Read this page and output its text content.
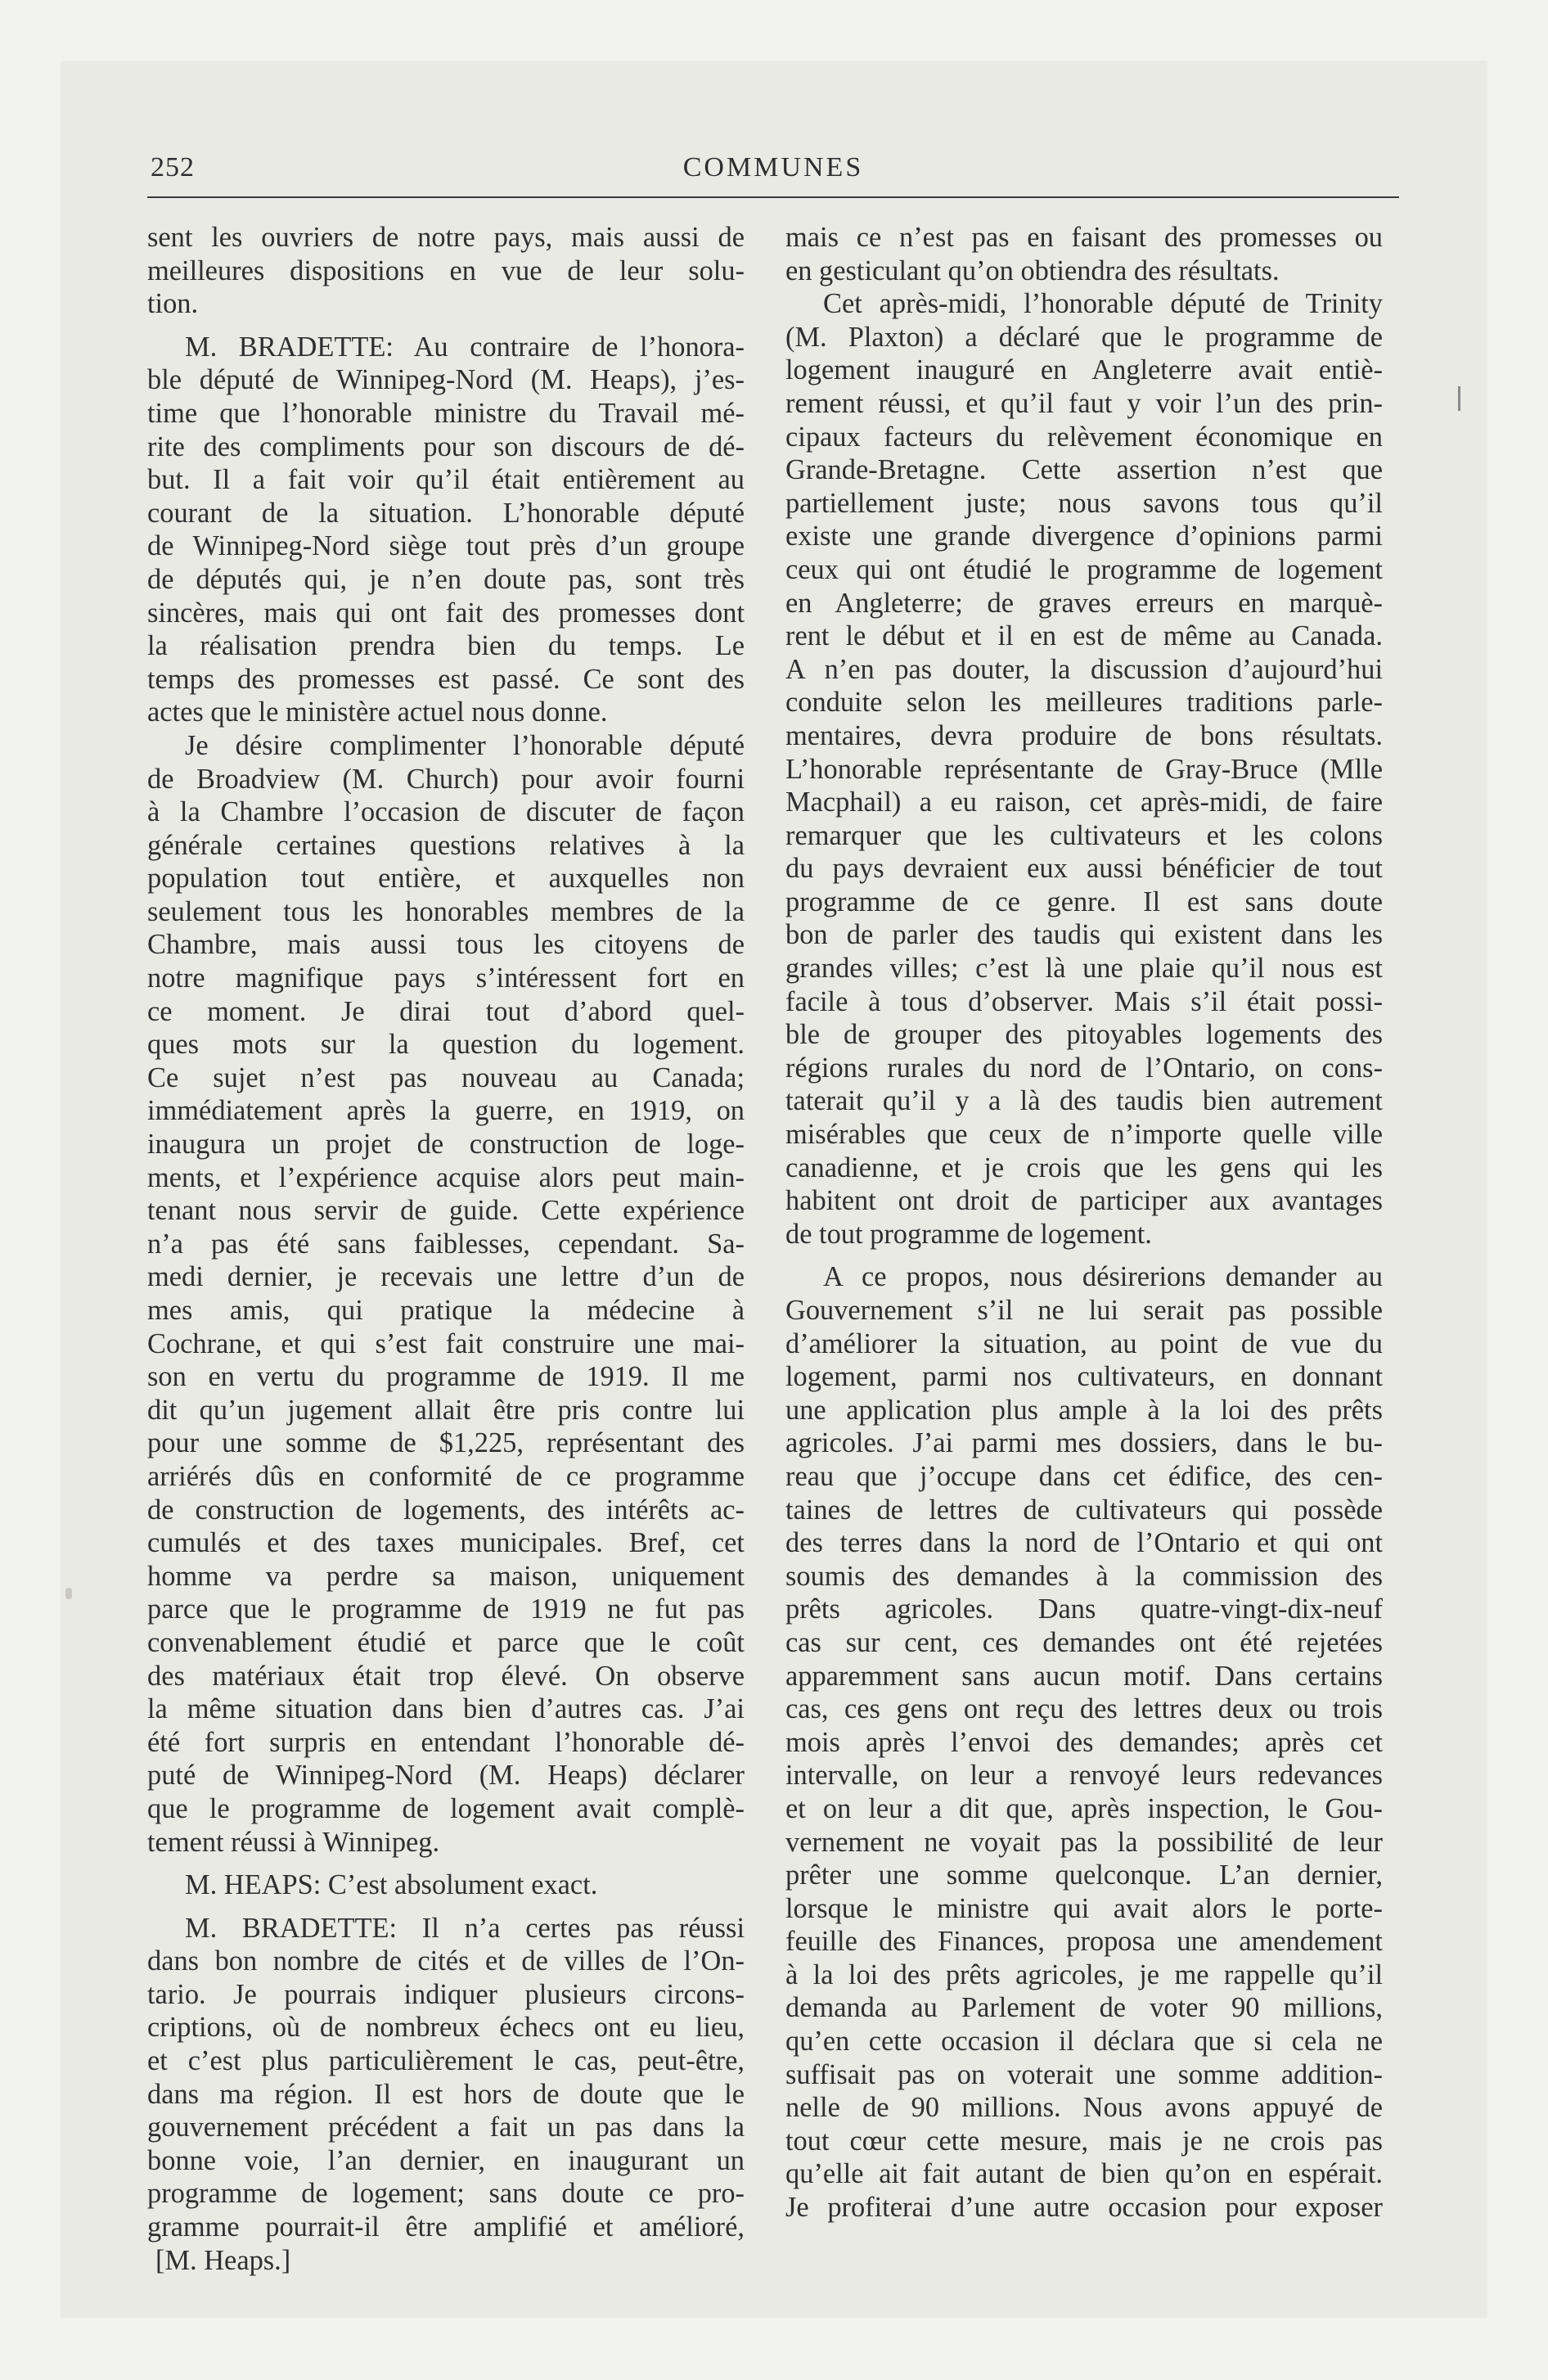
252	COMMUNES
sent les ouvriers de notre pays, mais aussi de
meilleures dispositions en vue de leur solu-
tion.
M. BRADETTE: Au contraire de l’honora-
ble député de Winnipeg-Nord (M. Heaps), j’es-
time que l’honorable ministre du Travail mé-
rite des compliments pour son discours de dé-
but. Il a fait voir qu’il était entièrement au
courant de la situation. L’honorable député
de Winnipeg-Nord siège tout près d’un groupe
de députés qui, je n’en doute pas, sont très
sincères, mais qui ont fait des promesses dont
la réalisation prendra bien du temps. Le
temps des promesses est passé. Ce sont des
actes que le ministère actuel nous donne.
Je désire complimenter l’honorable député
de Broadview (M. Church) pour avoir fourni
à la Chambre l’occasion de discuter de façon
générale certaines questions relatives à la
population tout entière, et auxquelles non
seulement tous les honorables membres de la
Chambre, mais aussi tous les citoyens de
notre magnifique pays s’intéressent fort en
ce moment. Je dirai tout d’abord quel-
ques mots sur la question du logement.
Ce sujet n’est pas nouveau au Canada;
immédiatement après la guerre, en 1919, on
inaugura un projet de construction de loge-
ments, et l’expérience acquise alors peut main-
tenant nous servir de guide. Cette expérience
n’a pas été sans faiblesses, cependant. Sa-
medi dernier, je recevais une lettre d’un de
mes amis, qui pratique la médecine à
Cochrane, et qui s’est fait construire une mai-
son en vertu du programme de 1919. Il me
dit qu’un jugement allait être pris contre lui
pour une somme de $1,225, représentant des
arriérés dûs en conformité de ce programme
de construction de logements, des intérêts ac-
cumulés et des taxes municipales. Bref, cet
homme va perdre sa maison, uniquement
parce que le programme de 1919 ne fut pas
convenablement étudié et parce que le coût
des matériaux était trop élevé. On observe
la même situation dans bien d’autres cas. J’ai
été fort surpris en entendant l’honorable dé-
puté de Winnipeg-Nord (M. Heaps) déclarer
que le programme de logement avait complè-
tement réussi à Winnipeg.
M. HEAPS: C’est absolument exact.
M. BRADETTE: Il n’a certes pas réussi
dans bon nombre de cités et de villes de l’On-
tario. Je pourrais indiquer plusieurs circons-
criptions, où de nombreux échecs ont eu lieu,
et c’est plus particulièrement le cas, peut-être,
dans ma région. Il est hors de doute que le
gouvernement précédent a fait un pas dans la
bonne voie, l’an dernier, en inaugurant un
programme de logement; sans doute ce pro-
gramme pourrait-il être amplifié et amélioré,
[M. Heaps.]
mais ce n’est pas en faisant des promesses ou
en gesticulant qu’on obtiendra des résultats.
Cet après-midi, l’honorable député de Trinity
(M. Plaxton) a déclaré que le programme de
logement inauguré en Angleterre avait entiè-
rement réussi, et qu’il faut y voir l’un des prin-
cipaux facteurs du relèvement économique en
Grande-Bretagne. Cette assertion n’est que
partiellement juste; nous savons tous qu’il
existe une grande divergence d’opinions parmi
ceux qui ont étudié le programme de logement
en Angleterre; de graves erreurs en marquè-
rent le début et il en est de même au Canada.
A n’en pas douter, la discussion d’aujourd’hui
conduite selon les meilleures traditions parle-
mentaires, devra produire de bons résultats.
L’honorable représentante de Gray-Bruce (Mlle
Macphail) a eu raison, cet après-midi, de faire
remarquer que les cultivateurs et les colons
du pays devraient eux aussi bénéficier de tout
programme de ce genre. Il est sans doute
bon de parler des taudis qui existent dans les
grandes villes; c’est là une plaie qu’il nous est
facile à tous d’observer. Mais s’il était possi-
ble de grouper des pitoyables logements des
régions rurales du nord de l’Ontario, on cons-
taterait qu’il y a là des taudis bien autrement
misérables que ceux de n’importe quelle ville
canadienne, et je crois que les gens qui les
habitent ont droit de participer aux avantages
de tout programme de logement.
A ce propos, nous désirerions demander au
Gouvernement s’il ne lui serait pas possible
d’améliorer la situation, au point de vue du
logement, parmi nos cultivateurs, en donnant
une application plus ample à la loi des prêts
agricoles. J’ai parmi mes dossiers, dans le bu-
reau que j’occupe dans cet édifice, des cen-
taines de lettres de cultivateurs qui possède
des terres dans la nord de l’Ontario et qui ont
soumis des demandes à la commission des
prêts agricoles. Dans quatre-vingt-dix-neuf
cas sur cent, ces demandes ont été rejetées
apparemment sans aucun motif. Dans certains
cas, ces gens ont reçu des lettres deux ou trois
mois après l’envoi des demandes; après cet
intervalle, on leur a renvoyé leurs redevances
et on leur a dit que, après inspection, le Gou-
vernement ne voyait pas la possibilité de leur
prêter une somme quelconque. L’an dernier,
lorsque le ministre qui avait alors le porte-
feuille des Finances, proposa une amendement
à la loi des prêts agricoles, je me rappelle qu’il
demanda au Parlement de voter 90 millions,
qu’en cette occasion il déclara que si cela ne
suffisait pas on voterait une somme addition-
nelle de 90 millions. Nous avons appuyé de
tout cœur cette mesure, mais je ne crois pas
qu’elle ait fait autant de bien qu’on en espérait.
Je profiterai d’une autre occasion pour exposer
